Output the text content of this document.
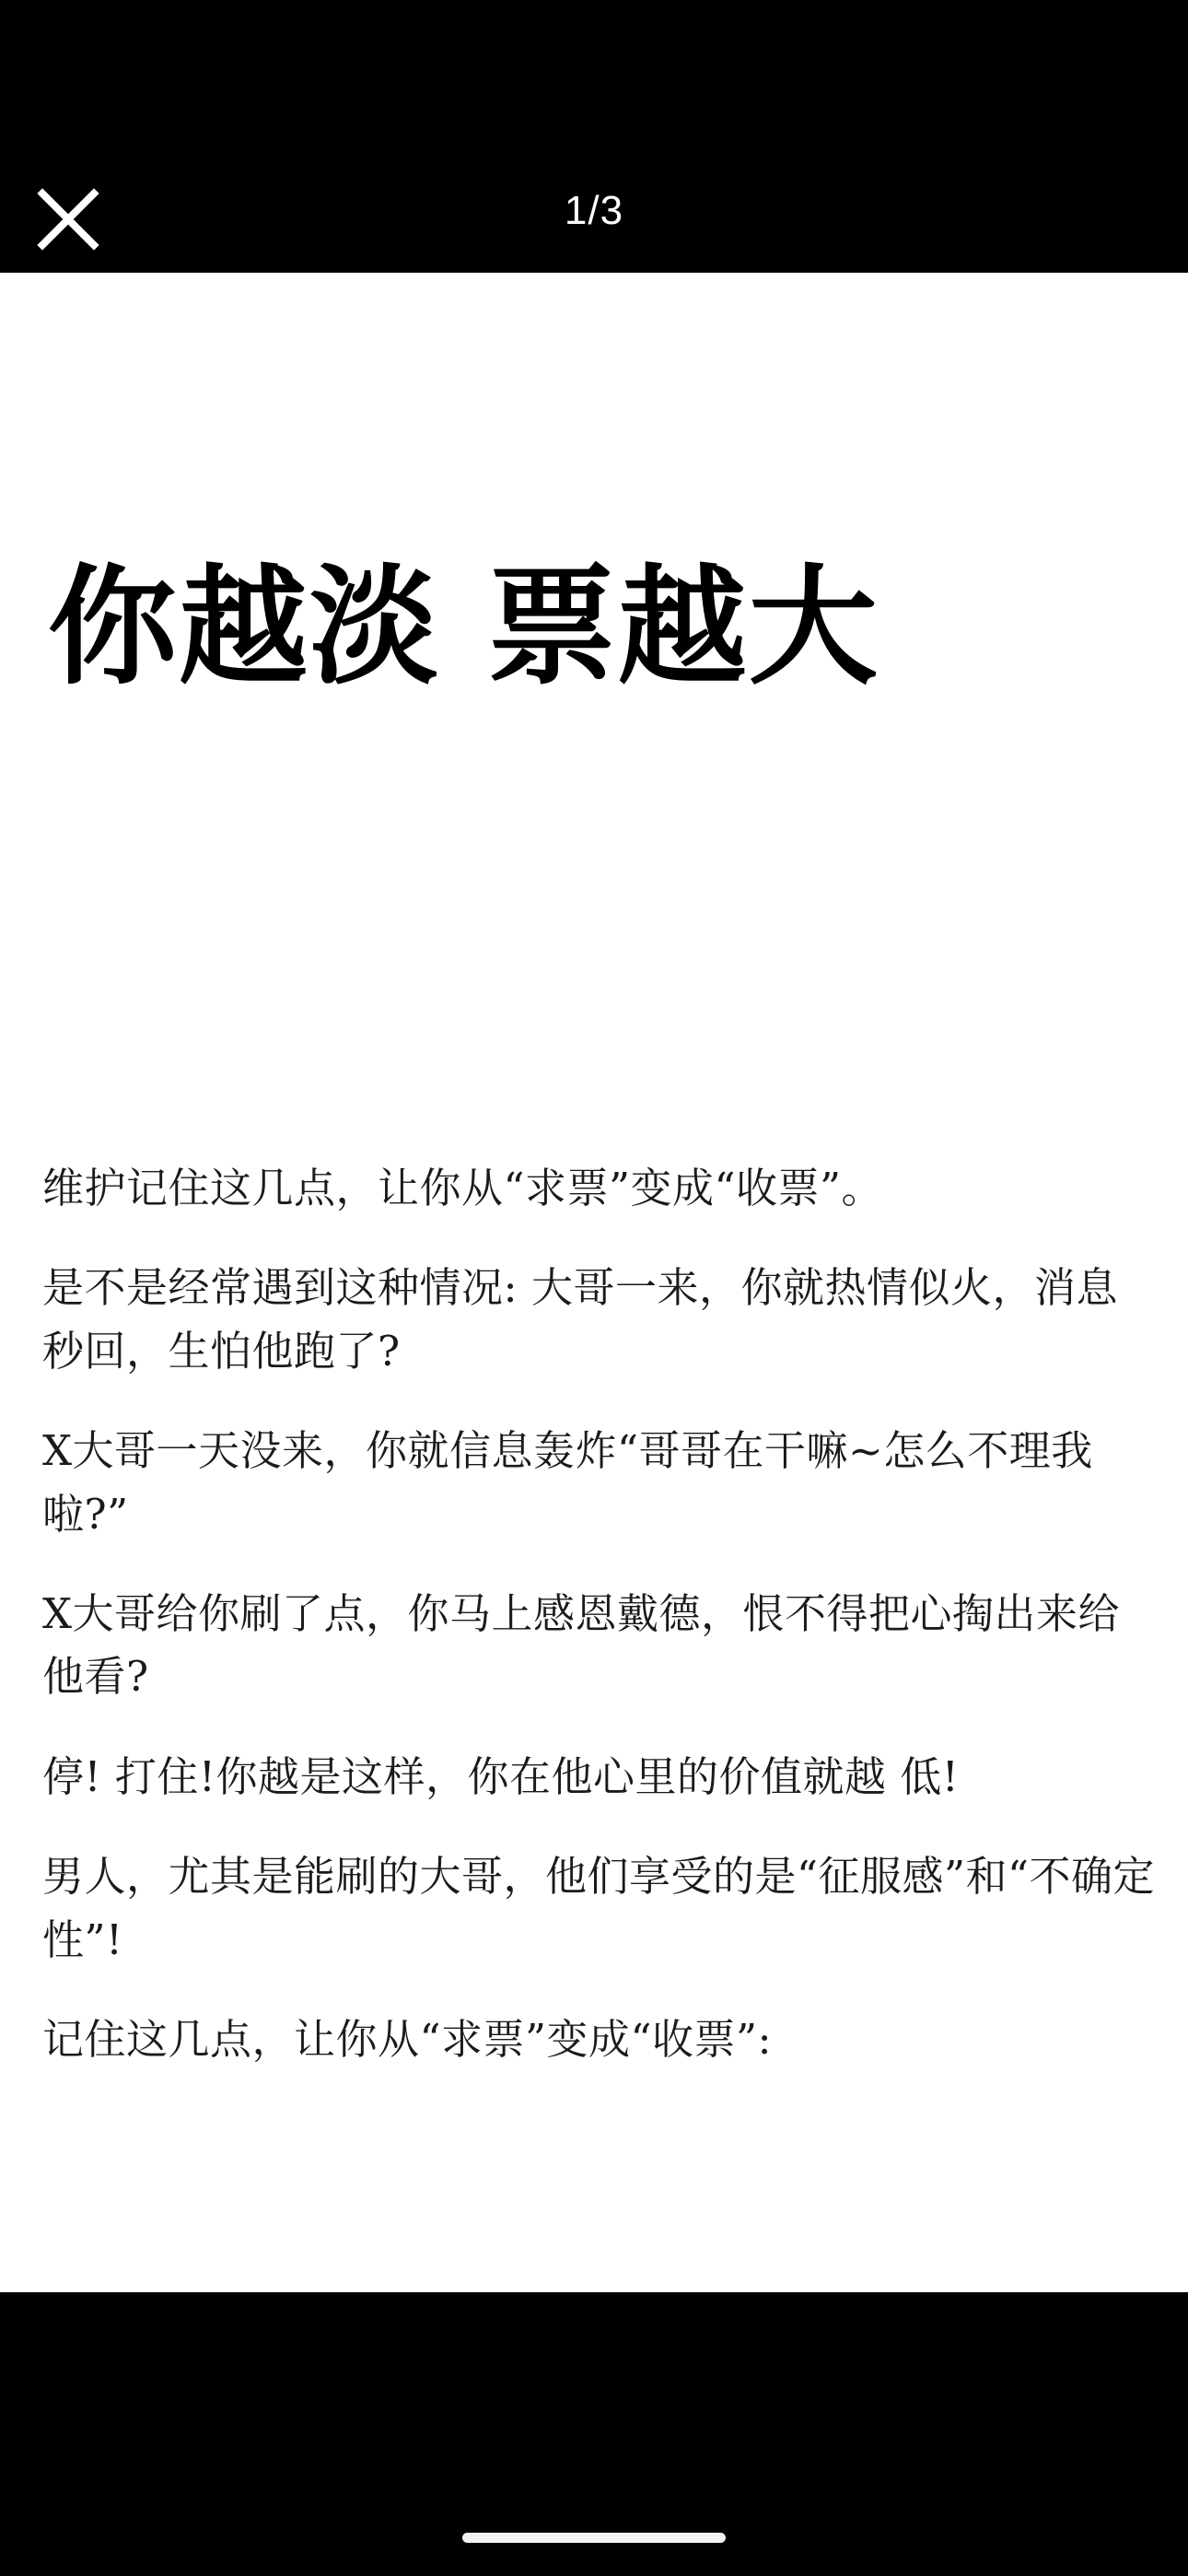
1/3
你越淡 票越大

维护记住这几点，让你从“求票”变成“收票”。

是不是经常遇到这种情况: 大哥一来，你就热情似火，消息秒回，生怕他跑了?

X大哥一天没来，你就信息轰炸“哥哥在干嘛~怎么不理我啦?”

X大哥给你刷了点，你马上感恩戴德，恨不得把心掏出来给他看?

停! 打住!你越是这样，你在他心里的价值就越 低!

男人，尤其是能刷的大哥，他们享受的是“征服感”和“不确定性”!

记住这几点，让你从“求票”变成“收票”:
